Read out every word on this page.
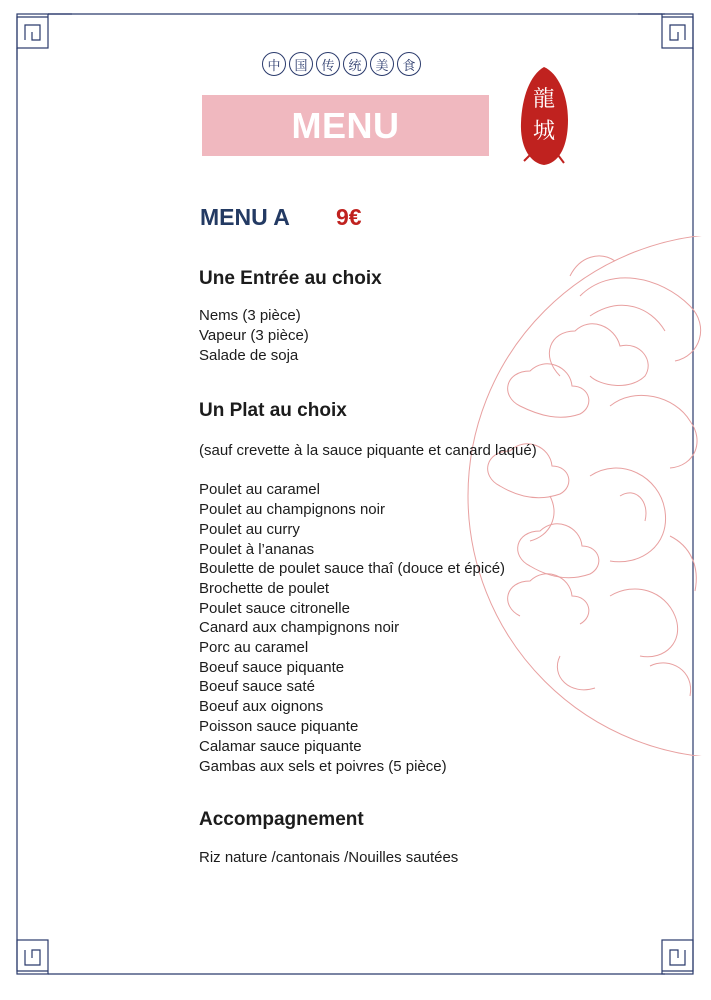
中	国	传	统	美	食
MENU
龍
城
MENU A 9€
Une Entrée au choix
Nems (3 pièce)
Vapeur (3 pièce)
Salade de soja
Un Plat au choix
(sauf crevette à la sauce piquante et canard laqué)
Poulet au caramel
Poulet au champignons noir
Poulet au curry
Poulet à l’ananas
Boulette de poulet sauce thaî (douce et épicé)
Brochette de poulet
Poulet sauce citronelle
Canard aux champignons noir
Porc au caramel
Boeuf sauce piquante
Boeuf sauce saté
Boeuf aux oignons
Poisson sauce piquante
Calamar sauce piquante
Gambas aux sels et poivres (5 pièce)
Accompagnement
Riz nature /cantonais /Nouilles sautées
